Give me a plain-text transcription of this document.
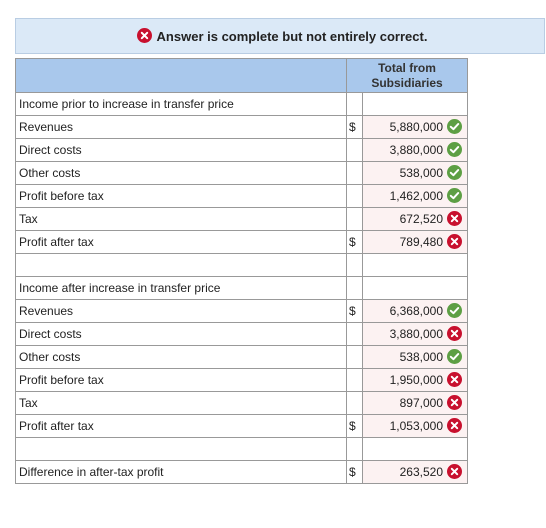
Answer is complete but not entirely correct.
	Total from
Subsidiaries	
Income prior to increase in transfer price		
Revenues	$	5,880,000

Direct costs		3,880,000

Other costs		538,000

Profit before tax		1,462,000

Tax		672,520

Profit after tax	$	789,480

Income after increase in transfer price		
Revenues	$	6,368,000

Direct costs		3,880,000

Other costs		538,000

Profit before tax		1,950,000

Tax		897,000

Profit after tax	$	1,053,000

Difference in after-tax profit	$	263,520
